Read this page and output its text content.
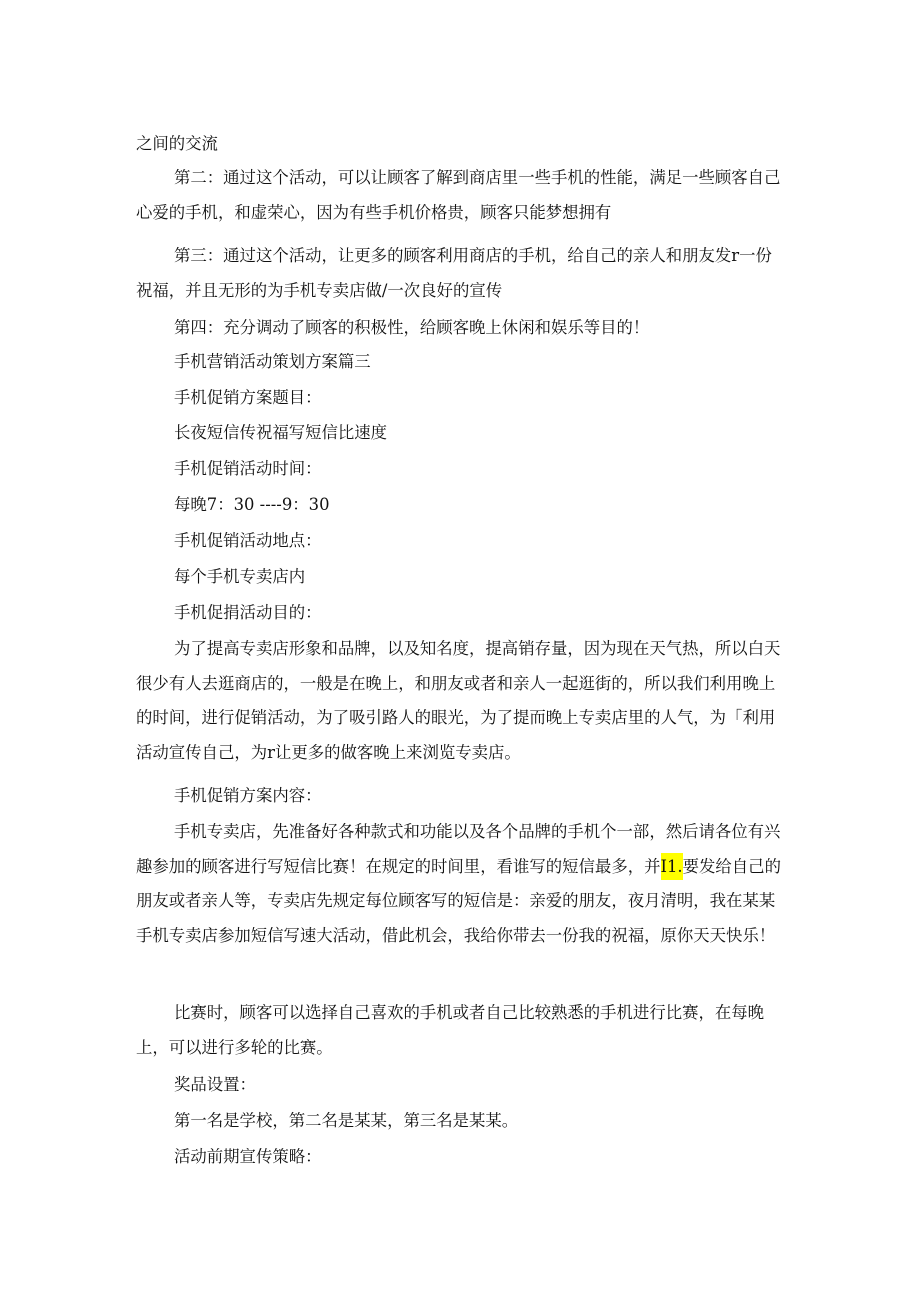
之间的交流

第二：通过这个活动，可以让顾客了解到商店里一些手机的性能，满足一些顾客自己心爱的手机，和虚荣心，因为有些手机价格贵，顾客只能梦想拥有

第三：通过这个活动，让更多的顾客利用商店的手机，给自己的亲人和朋友发r一份祝福，并且无形的为手机专卖店做/一次良好的宣传

第四：充分调动了顾客的积极性，给顾客晚上休闲和娱乐等目的！

手机营销活动策划方案篇三

手机促销方案题目：

长夜短信传祝福写短信比速度

手机促销活动时间：

每晚7：30 ----9：30

手机促销活动地点：

每个手机专卖店内

手机促捐活动目的：

为了提高专卖店形象和品牌，以及知名度，提高销存量，因为现在天气热，所以白天很少有人去逛商店的，一般是在晚上，和朋友或者和亲人一起逛街的，所以我们利用晚上的时间，进行促销活动，为了吸引路人的眼光，为了提而晚上专卖店里的人气，为「利用活动宣传自己，为r让更多的做客晚上来浏览专卖店。

手机促销方案内容：

手机专卖店，先准备好各种款式和功能以及各个品牌的手机个一部，然后请各位有兴趣参加的顾客进行写短信比赛！在规定的时间里，看谁写的短信最多，并I1.要发给自己的朋友或者亲人等，专卖店先规定每位顾客写的短信是：亲爱的朋友，夜月清明，我在某某手机专卖店参加短信写速大活动，借此机会，我给你带去一份我的祝福，原你天天快乐！

比赛时，顾客可以选择自己喜欢的手机或者自己比较熟悉的手机进行比赛，在每晚上，可以进行多轮的比赛。

奖品设置：

第一名是学校，第二名是某某，第三名是某某。

活动前期宣传策略：
